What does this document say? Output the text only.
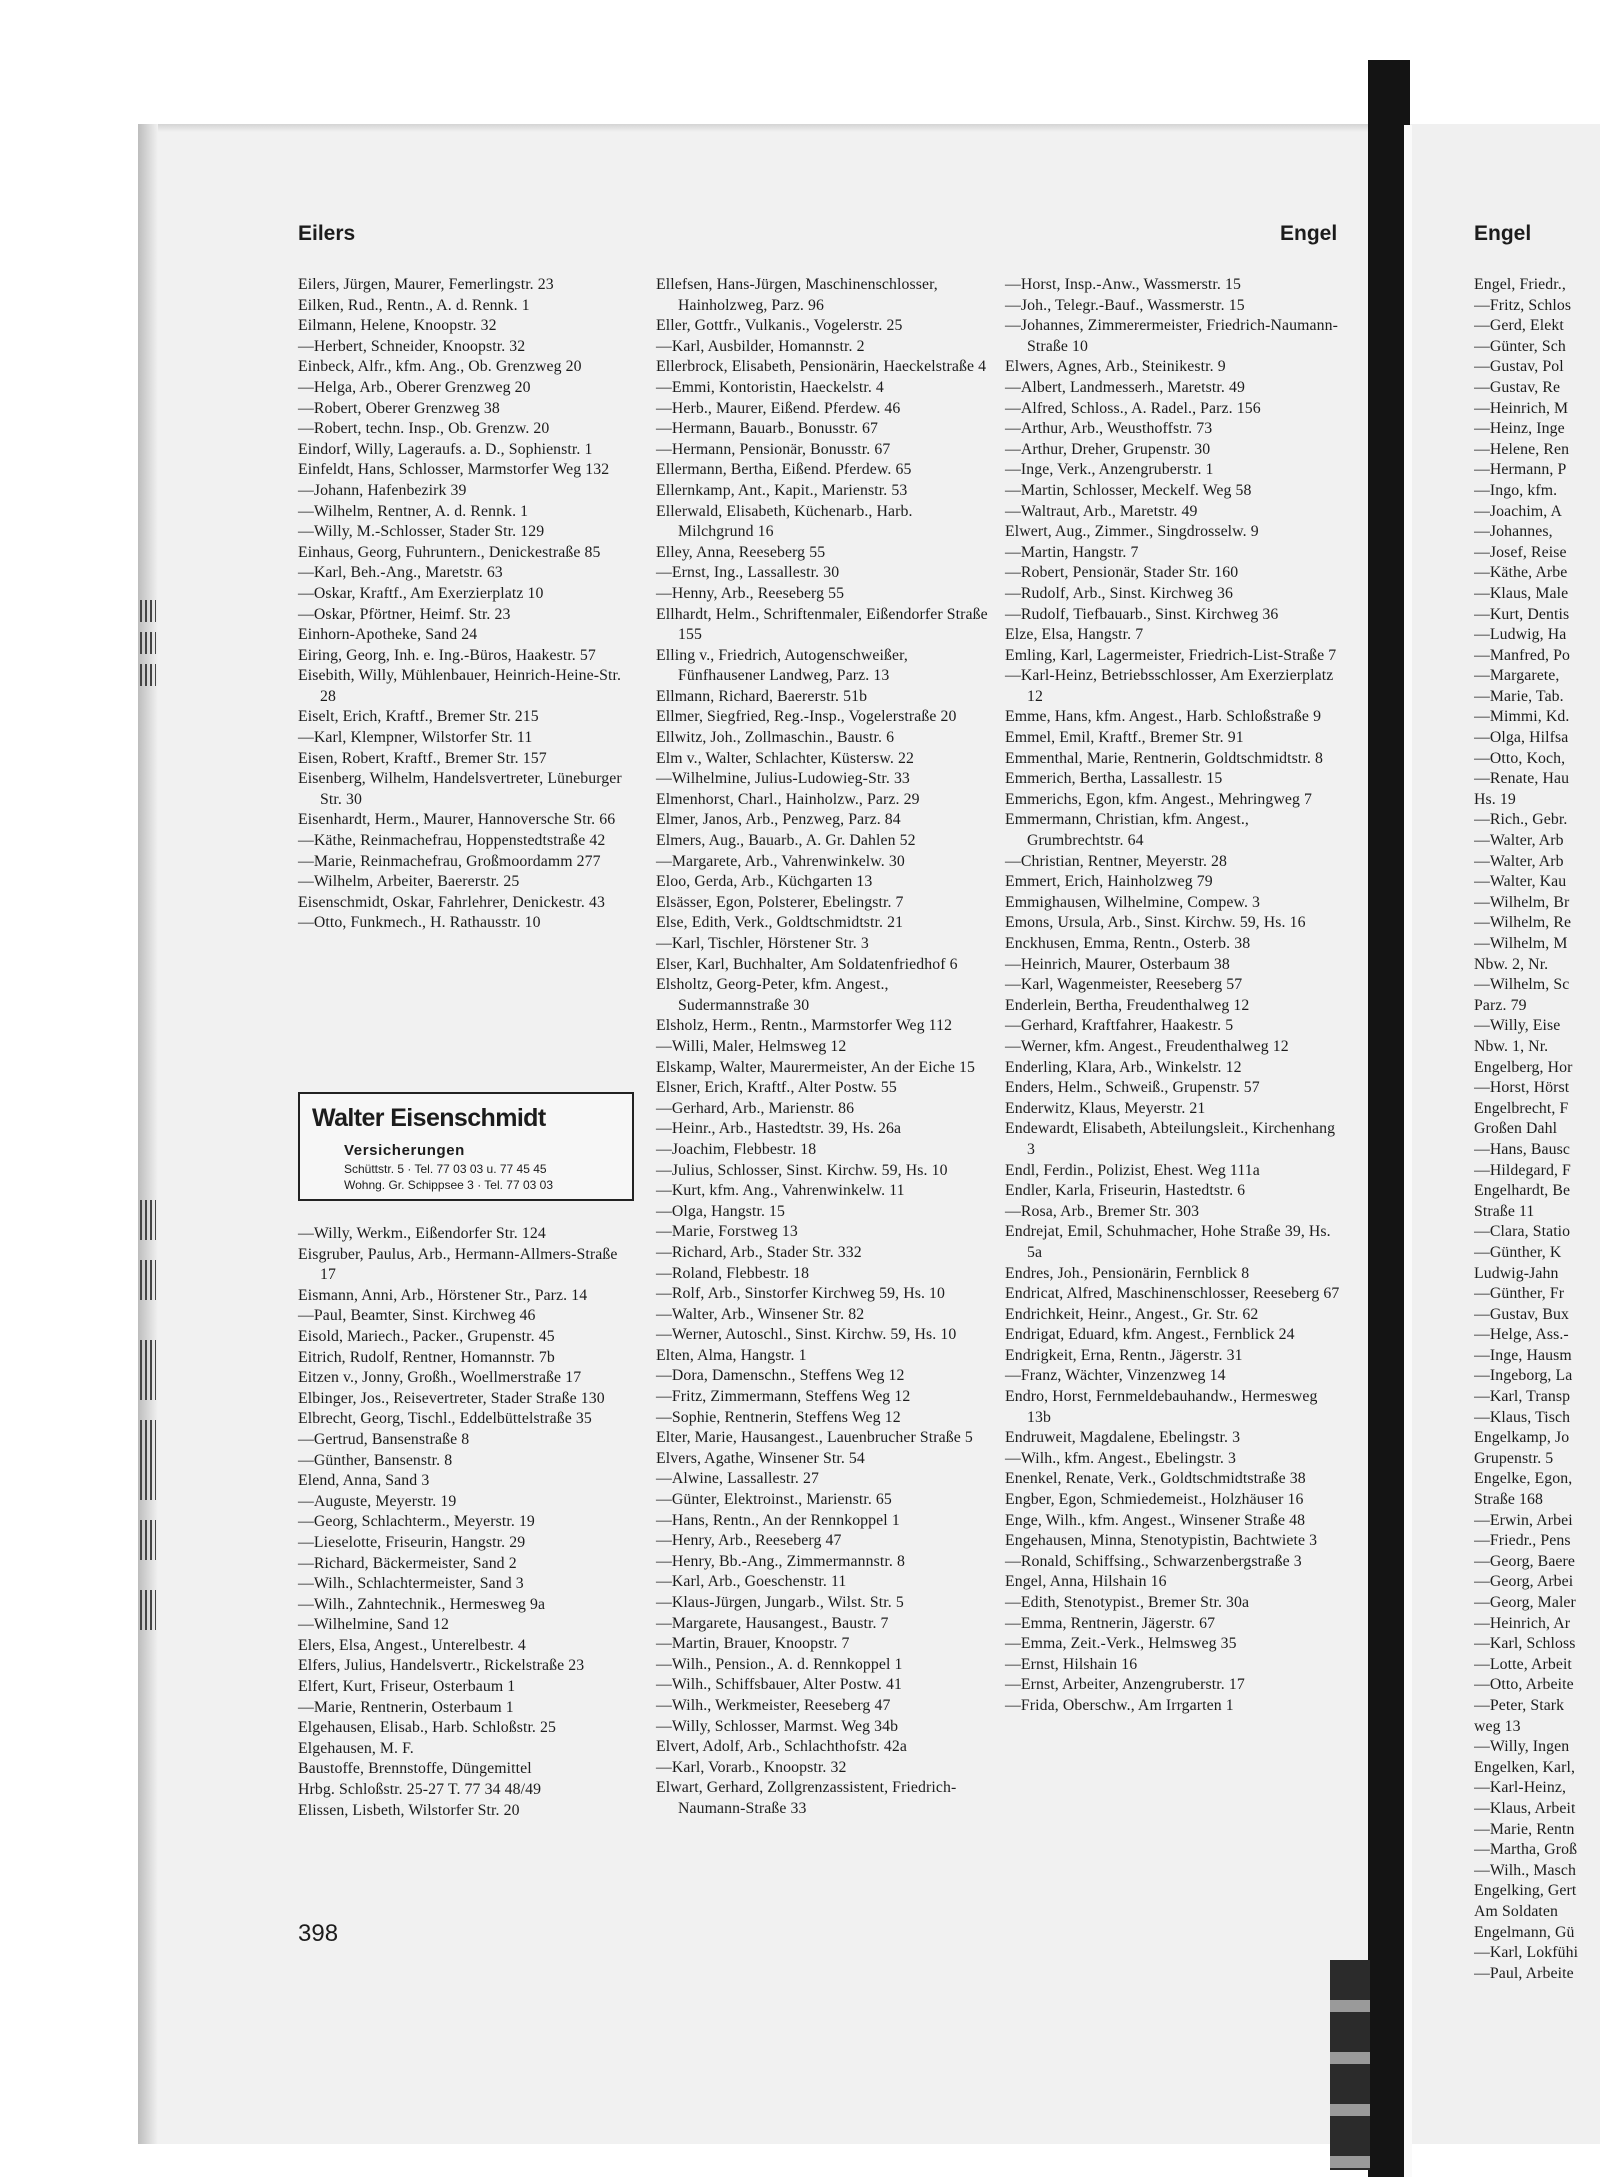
Eilers	Engel	Engel
Eilers, Jürgen, Maurer, Femerlingstr. 23
Eilken, Rud., Rentn., A. d. Rennk. 1
Eilmann, Helene, Knoopstr. 32
—Herbert, Schneider, Knoopstr. 32
Einbeck, Alfr., kfm. Ang., Ob. Grenzweg 20
—Helga, Arb., Oberer Grenzweg 20
—Robert, Oberer Grenzweg 38
—Robert, techn. Insp., Ob. Grenzw. 20
Eindorf, Willy, Lageraufs. a. D., Sophienstr. 1
Einfeldt, Hans, Schlosser, Marmstorfer Weg 132
—Johann, Hafenbezirk 39
—Wilhelm, Rentner, A. d. Rennk. 1
—Willy, M.-Schlosser, Stader Str. 129
Einhaus, Georg, Fuhruntern., Denickestraße 85
—Karl, Beh.-Ang., Maretstr. 63
—Oskar, Kraftf., Am Exerzierplatz 10
—Oskar, Pförtner, Heimf. Str. 23
Einhorn-Apotheke, Sand 24
Eiring, Georg, Inh. e. Ing.-Büros, Haakestr. 57
Eisebith, Willy, Mühlenbauer, Heinrich-Heine-Str. 28
Eiselt, Erich, Kraftf., Bremer Str. 215
—Karl, Klempner, Wilstorfer Str. 11
Eisen, Robert, Kraftf., Bremer Str. 157
Eisenberg, Wilhelm, Handelsvertreter, Lüneburger Str. 30
Eisenhardt, Herm., Maurer, Hannoversche Str. 66
—Käthe, Reinmachefrau, Hoppenstedtstraße 42
—Marie, Reinmachefrau, Großmoordamm 277
—Wilhelm, Arbeiter, Baererstr. 25
Eisenschmidt, Oskar, Fahrlehrer, Denickestr. 43
—Otto, Funkmech., H. Rathausstr. 10
Walter Eisenschmidt
Versicherungen
Schüttstr. 5 · Tel. 77 03 03 u. 77 45 45
Wohng. Gr. Schippsee 3 · Tel. 77 03 03
—Willy, Werkm., Eißendorfer Str. 124
Eisgruber, Paulus, Arb., Hermann-Allmers-Straße 17
Eismann, Anni, Arb., Hörstener Str., Parz. 14
—Paul, Beamter, Sinst. Kirchweg 46
Eisold, Mariech., Packer., Grupenstr. 45
Eitrich, Rudolf, Rentner, Homannstr. 7b
Eitzen v., Jonny, Großh., Woellmerstraße 17
Elbinger, Jos., Reisevertreter, Stader Straße 130
Elbrecht, Georg, Tischl., Eddelbüttelstraße 35
—Gertrud, Bansenstraße 8
—Günther, Bansenstr. 8
Elend, Anna, Sand 3
—Auguste, Meyerstr. 19
—Georg, Schlachterm., Meyerstr. 19
—Lieselotte, Friseurin, Hangstr. 29
—Richard, Bäckermeister, Sand 2
—Wilh., Schlachtermeister, Sand 3
—Wilh., Zahntechnik., Hermesweg 9a
—Wilhelmine, Sand 12
Elers, Elsa, Angest., Unterelbestr. 4
Elfers, Julius, Handelsvertr., Rickelstraße 23
Elfert, Kurt, Friseur, Osterbaum 1
—Marie, Rentnerin, Osterbaum 1
Elgehausen, Elisab., Harb. Schloßstr. 25
Elgehausen, M. F.
Baustoffe, Brennstoffe, Düngemittel
Hrbg. Schloßstr. 25-27 T. 77 34 48/49
Elissen, Lisbeth, Wilstorfer Str. 20
Ellefsen, Hans-Jürgen, Maschinenschlosser, Hainholzweg, Parz. 96
Eller, Gottfr., Vulkanis., Vogelerstr. 25
—Karl, Ausbilder, Homannstr. 2
Ellerbrock, Elisabeth, Pensionärin, Haeckelstraße 4
—Emmi, Kontoristin, Haeckelstr. 4
—Herb., Maurer, Eißend. Pferdew. 46
—Hermann, Bauarb., Bonusstr. 67
—Hermann, Pensionär, Bonusstr. 67
Ellermann, Bertha, Eißend. Pferdew. 65
Ellernkamp, Ant., Kapit., Marienstr. 53
Ellerwald, Elisabeth, Küchenarb., Harb. Milchgrund 16
Elley, Anna, Reeseberg 55
—Ernst, Ing., Lassallestr. 30
—Henny, Arb., Reeseberg 55
Ellhardt, Helm., Schriftenmaler, Eißendorfer Straße 155
Elling v., Friedrich, Autogenschweißer, Fünfhausener Landweg, Parz. 13
Ellmann, Richard, Baererstr. 51b
Ellmer, Siegfried, Reg.-Insp., Vogelerstraße 20
Ellwitz, Joh., Zollmaschin., Baustr. 6
Elm v., Walter, Schlachter, Küstersw. 22
—Wilhelmine, Julius-Ludowieg-Str. 33
Elmenhorst, Charl., Hainholzw., Parz. 29
Elmer, Janos, Arb., Penzweg, Parz. 84
Elmers, Aug., Bauarb., A. Gr. Dahlen 52
—Margarete, Arb., Vahrenwinkelw. 30
Eloo, Gerda, Arb., Küchgarten 13
Elsässer, Egon, Polsterer, Ebelingstr. 7
Else, Edith, Verk., Goldtschmidtstr. 21
—Karl, Tischler, Hörstener Str. 3
Elser, Karl, Buchhalter, Am Soldatenfriedhof 6
Elsholtz, Georg-Peter, kfm. Angest., Sudermannstraße 30
Elsholz, Herm., Rentn., Marmstorfer Weg 112
—Willi, Maler, Helmsweg 12
Elskamp, Walter, Maurermeister, An der Eiche 15
Elsner, Erich, Kraftf., Alter Postw. 55
—Gerhard, Arb., Marienstr. 86
—Heinr., Arb., Hastedtstr. 39, Hs. 26a
—Joachim, Flebbestr. 18
—Julius, Schlosser, Sinst. Kirchw. 59, Hs. 10
—Kurt, kfm. Ang., Vahrenwinkelw. 11
—Olga, Hangstr. 15
—Marie, Forstweg 13
—Richard, Arb., Stader Str. 332
—Roland, Flebbestr. 18
—Rolf, Arb., Sinstorfer Kirchweg 59, Hs. 10
—Walter, Arb., Winsener Str. 82
—Werner, Autoschl., Sinst. Kirchw. 59, Hs. 10
Elten, Alma, Hangstr. 1
—Dora, Damenschn., Steffens Weg 12
—Fritz, Zimmermann, Steffens Weg 12
—Sophie, Rentnerin, Steffens Weg 12
Elter, Marie, Hausangest., Lauenbrucher Straße 5
Elvers, Agathe, Winsener Str. 54
—Alwine, Lassallestr. 27
—Günter, Elektroinst., Marienstr. 65
—Hans, Rentn., An der Rennkoppel 1
—Henry, Arb., Reeseberg 47
—Henry, Bb.-Ang., Zimmermannstr. 8
—Karl, Arb., Goeschenstr. 11
—Klaus-Jürgen, Jungarb., Wilst. Str. 5
—Margarete, Hausangest., Baustr. 7
—Martin, Brauer, Knoopstr. 7
—Wilh., Pension., A. d. Rennkoppel 1
—Wilh., Schiffsbauer, Alter Postw. 41
—Wilh., Werkmeister, Reeseberg 47
—Willy, Schlosser, Marmst. Weg 34b
Elvert, Adolf, Arb., Schlachthofstr. 42a
—Karl, Vorarb., Knoopstr. 32
Elwart, Gerhard, Zollgrenzassistent, Friedrich-Naumann-Straße 33
—Horst, Insp.-Anw., Wassmerstr. 15
—Joh., Telegr.-Bauf., Wassmerstr. 15
—Johannes, Zimmerermeister, Friedrich-Naumann-Straße 10
Elwers, Agnes, Arb., Steinikestr. 9
—Albert, Landmesserh., Maretstr. 49
—Alfred, Schloss., A. Radel., Parz. 156
—Arthur, Arb., Weusthoffstr. 73
—Arthur, Dreher, Grupenstr. 30
—Inge, Verk., Anzengruberstr. 1
—Martin, Schlosser, Meckelf. Weg 58
—Waltraut, Arb., Maretstr. 49
Elwert, Aug., Zimmer., Singdrosselw. 9
—Martin, Hangstr. 7
—Robert, Pensionär, Stader Str. 160
—Rudolf, Arb., Sinst. Kirchweg 36
—Rudolf, Tiefbauarb., Sinst. Kirchweg 36
Elze, Elsa, Hangstr. 7
Emling, Karl, Lagermeister, Friedrich-List-Straße 7
—Karl-Heinz, Betriebsschlosser, Am Exerzierplatz 12
Emme, Hans, kfm. Angest., Harb. Schloßstraße 9
Emmel, Emil, Kraftf., Bremer Str. 91
Emmenthal, Marie, Rentnerin, Goldtschmidtstr. 8
Emmerich, Bertha, Lassallestr. 15
Emmerichs, Egon, kfm. Angest., Mehringweg 7
Emmermann, Christian, kfm. Angest., Grumbrechtstr. 64
—Christian, Rentner, Meyerstr. 28
Emmert, Erich, Hainholzweg 79
Emmighausen, Wilhelmine, Compew. 3
Emons, Ursula, Arb., Sinst. Kirchw. 59, Hs. 16
Enckhusen, Emma, Rentn., Osterb. 38
—Heinrich, Maurer, Osterbaum 38
—Karl, Wagenmeister, Reeseberg 57
Enderlein, Bertha, Freudenthalweg 12
—Gerhard, Kraftfahrer, Haakestr. 5
—Werner, kfm. Angest., Freudenthalweg 12
Enderling, Klara, Arb., Winkelstr. 12
Enders, Helm., Schweiß., Grupenstr. 57
Enderwitz, Klaus, Meyerstr. 21
Endewardt, Elisabeth, Abteilungsleit., Kirchenhang 3
Endl, Ferdin., Polizist, Ehest. Weg 111a
Endler, Karla, Friseurin, Hastedtstr. 6
—Rosa, Arb., Bremer Str. 303
Endrejat, Emil, Schuhmacher, Hohe Straße 39, Hs. 5a
Endres, Joh., Pensionärin, Fernblick 8
Endricat, Alfred, Maschinenschlosser, Reeseberg 67
Endrichkeit, Heinr., Angest., Gr. Str. 62
Endrigat, Eduard, kfm. Angest., Fernblick 24
Endrigkeit, Erna, Rentn., Jägerstr. 31
—Franz, Wächter, Vinzenzweg 14
Endro, Horst, Fernmeldebauhandw., Hermesweg 13b
Endruweit, Magdalene, Ebelingstr. 3
—Wilh., kfm. Angest., Ebelingstr. 3
Enenkel, Renate, Verk., Goldtschmidtstraße 38
Engber, Egon, Schmiedemeist., Holzhäuser 16
Enge, Wilh., kfm. Angest., Winsener Straße 48
Engehausen, Minna, Stenotypistin, Bachtwiete 3
—Ronald, Schiffsing., Schwarzenbergstraße 3
Engel, Anna, Hilshain 16
—Edith, Stenotypist., Bremer Str. 30a
—Emma, Rentnerin, Jägerstr. 67
—Emma, Zeit.-Verk., Helmsweg 35
—Ernst, Hilshain 16
—Ernst, Arbeiter, Anzengruberstr. 17
—Frida, Oberschw., Am Irrgarten 1
Engel, Friedr.,
—Fritz, Schlos
—Gerd, Elekt
—Günter, Sch
—Gustav, Pol
—Gustav, Re
—Heinrich, M
—Heinz, Inge
—Helene, Ren
—Hermann, P
—Ingo, kfm.
—Joachim, A
—Johannes,
—Josef, Reise
—Käthe, Arbe
—Klaus, Male
—Kurt, Dentis
—Ludwig, Ha
—Manfred, Po
—Margarete,
—Marie, Tab.
—Mimmi, Kd.
—Olga, Hilfsa
—Otto, Koch,
—Renate, Hau
Hs. 19
—Rich., Gebr.
—Walter, Arb
—Walter, Arb
—Walter, Kau
—Wilhelm, Br
—Wilhelm, Re
—Wilhelm, M
Nbw. 2, Nr.
—Wilhelm, Sc
Parz. 79
—Willy, Eise
Nbw. 1, Nr.
Engelberg, Hor
—Horst, Hörst
Engelbrecht, F
Großen Dahl
—Hans, Bausc
—Hildegard, F
Engelhardt, Be
Straße 11
—Clara, Statio
—Günther, K
Ludwig-Jahn
—Günther, Fr
—Gustav, Bux
—Helge, Ass.-
—Inge, Hausm
—Ingeborg, La
—Karl, Transp
—Klaus, Tisch
Engelkamp, Jo
Grupenstr. 5
Engelke, Egon,
Straße 168
—Erwin, Arbei
—Friedr., Pens
—Georg, Baere
—Georg, Arbei
—Georg, Maler
—Heinrich, Ar
—Karl, Schloss
—Lotte, Arbeit
—Otto, Arbeite
—Peter, Stark
weg 13
—Willy, Ingen
Engelken, Karl,
—Karl-Heinz,
—Klaus, Arbeit
—Marie, Rentn
—Martha, Groß
—Wilh., Masch
Engelking, Gert
Am Soldaten
Engelmann, Gü
—Karl, Lokfühi
—Paul, Arbeite
398
